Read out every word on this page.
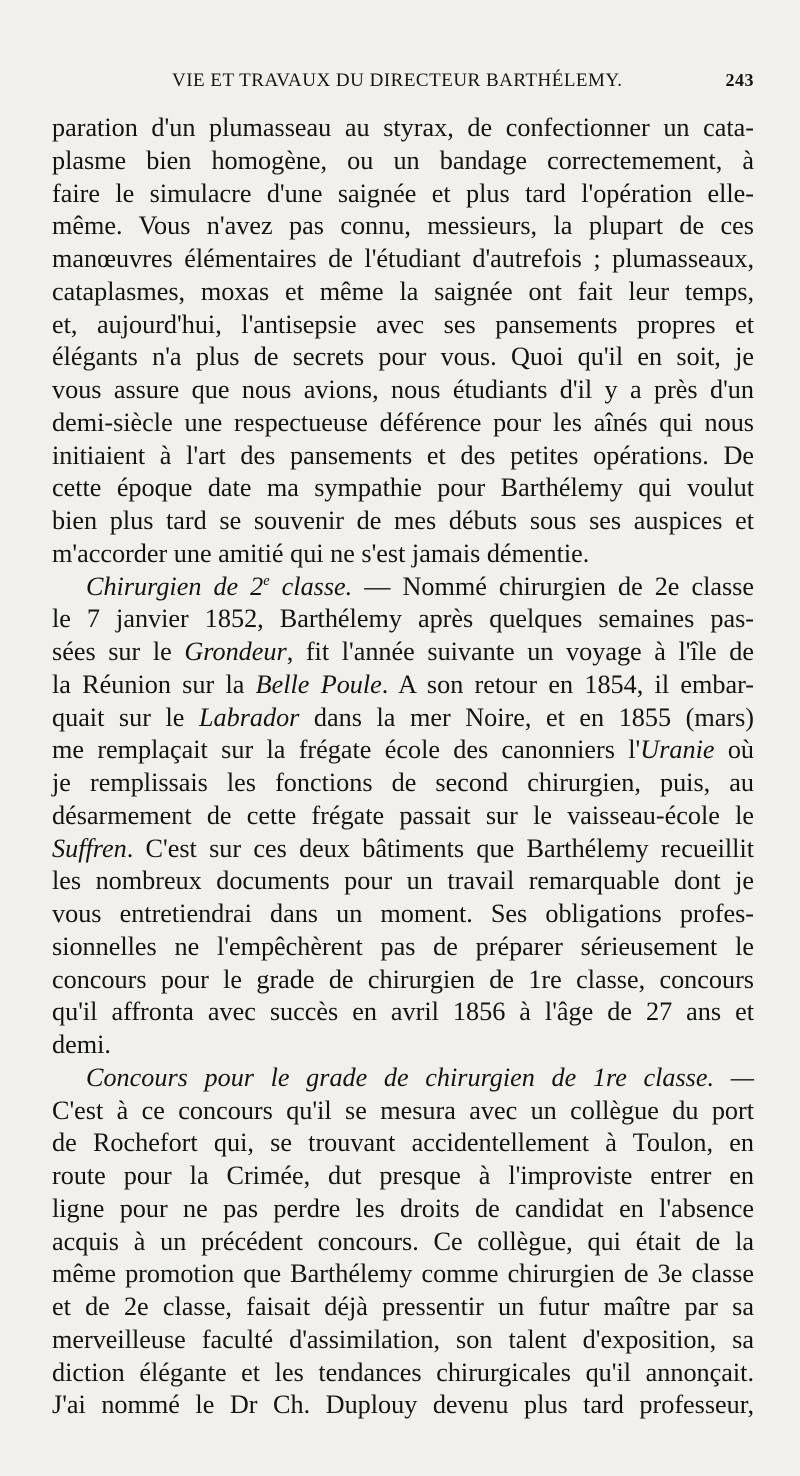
VIE ET TRAVAUX DU DIRECTEUR BARTHÉLEMY.	243
paration d'un plumasseau au styrax, de confectionner un cata-
plasme bien homogène, ou un bandage correctemement, à
faire le simulacre d'une saignée et plus tard l'opération elle-
même. Vous n'avez pas connu, messieurs, la plupart de ces
manœuvres élémentaires de l'étudiant d'autrefois ; plumasseaux,
cataplasmes, moxas et même la saignée ont fait leur temps,
et, aujourd'hui, l'antisepsie avec ses pansements propres et
élégants n'a plus de secrets pour vous. Quoi qu'il en soit, je
vous assure que nous avions, nous étudiants d'il y a près d'un
demi-siècle une respectueuse déférence pour les aînés qui nous
initiaient à l'art des pansements et des petites opérations. De
cette époque date ma sympathie pour Barthélemy qui voulut
bien plus tard se souvenir de mes débuts sous ses auspices et
m'accorder une amitié qui ne s'est jamais démentie.
Chirurgien de 2e classe. — Nommé chirurgien de 2e classe
le 7 janvier 1852, Barthélemy après quelques semaines pas-
sées sur le Grondeur, fit l'année suivante un voyage à l'île de
la Réunion sur la Belle Poule. A son retour en 1854, il embar-
quait sur le Labrador dans la mer Noire, et en 1855 (mars)
me remplaçait sur la frégate école des canonniers l'Uranie où
je remplissais les fonctions de second chirurgien, puis, au
désarmement de cette frégate passait sur le vaisseau-école le
Suffren. C'est sur ces deux bâtiments que Barthélemy recueillit
les nombreux documents pour un travail remarquable dont je
vous entretiendrai dans un moment. Ses obligations profes-
sionnelles ne l'empêchèrent pas de préparer sérieusement le
concours pour le grade de chirurgien de 1re classe, concours
qu'il affronta avec succès en avril 1856 à l'âge de 27 ans et
demi.
Concours pour le grade de chirurgien de 1re classe. —
C'est à ce concours qu'il se mesura avec un collègue du port
de Rochefort qui, se trouvant accidentellement à Toulon, en
route pour la Crimée, dut presque à l'improviste entrer en
ligne pour ne pas perdre les droits de candidat en l'absence
acquis à un précédent concours. Ce collègue, qui était de la
même promotion que Barthélemy comme chirurgien de 3e classe
et de 2e classe, faisait déjà pressentir un futur maître par sa
merveilleuse faculté d'assimilation, son talent d'exposition, sa
diction élégante et les tendances chirurgicales qu'il annonçait.
J'ai nommé le Dr Ch. Duplouy devenu plus tard professeur,
